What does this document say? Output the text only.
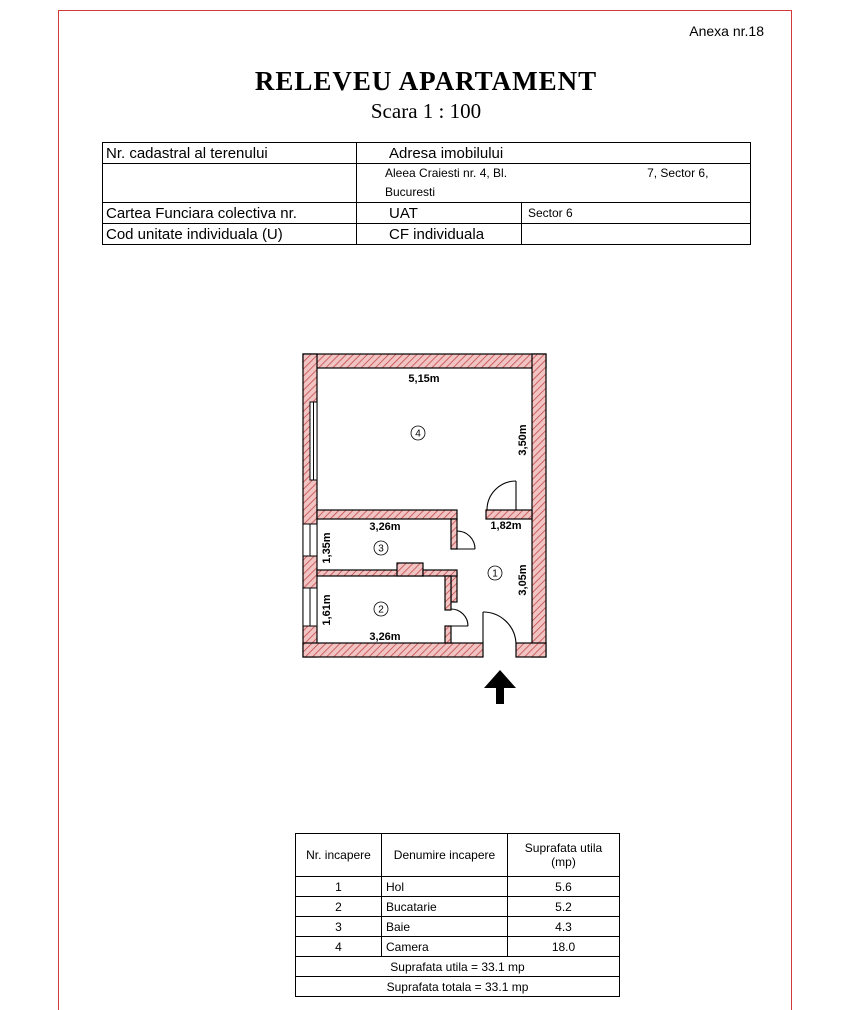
Anexa nr.18
RELEVEU APARTAMENT
Scara 1 : 100
Nr. cadastral al terenului	Adresa imobilului	
	Aleea Craiesti nr. 4, Bl. 7, Sector 6,
Bucuresti	
Cartea Funciara colectiva nr.	UAT	Sector 6
Cod unitate individuala (U)	CF individuala	
5,15m
3,50m
3,26m
1,35m
1,82m
3,05m
1,61m
3,26m
4
3
1
2
Nr. incapere	Denumire incapere	Suprafata utila (mp)
1	Hol	5.6
2	Bucatarie	5.2
3	Baie	4.3
4	Camera	18.0
Suprafata utila = 33.1 mp		
Suprafata totala = 33.1 mp		
